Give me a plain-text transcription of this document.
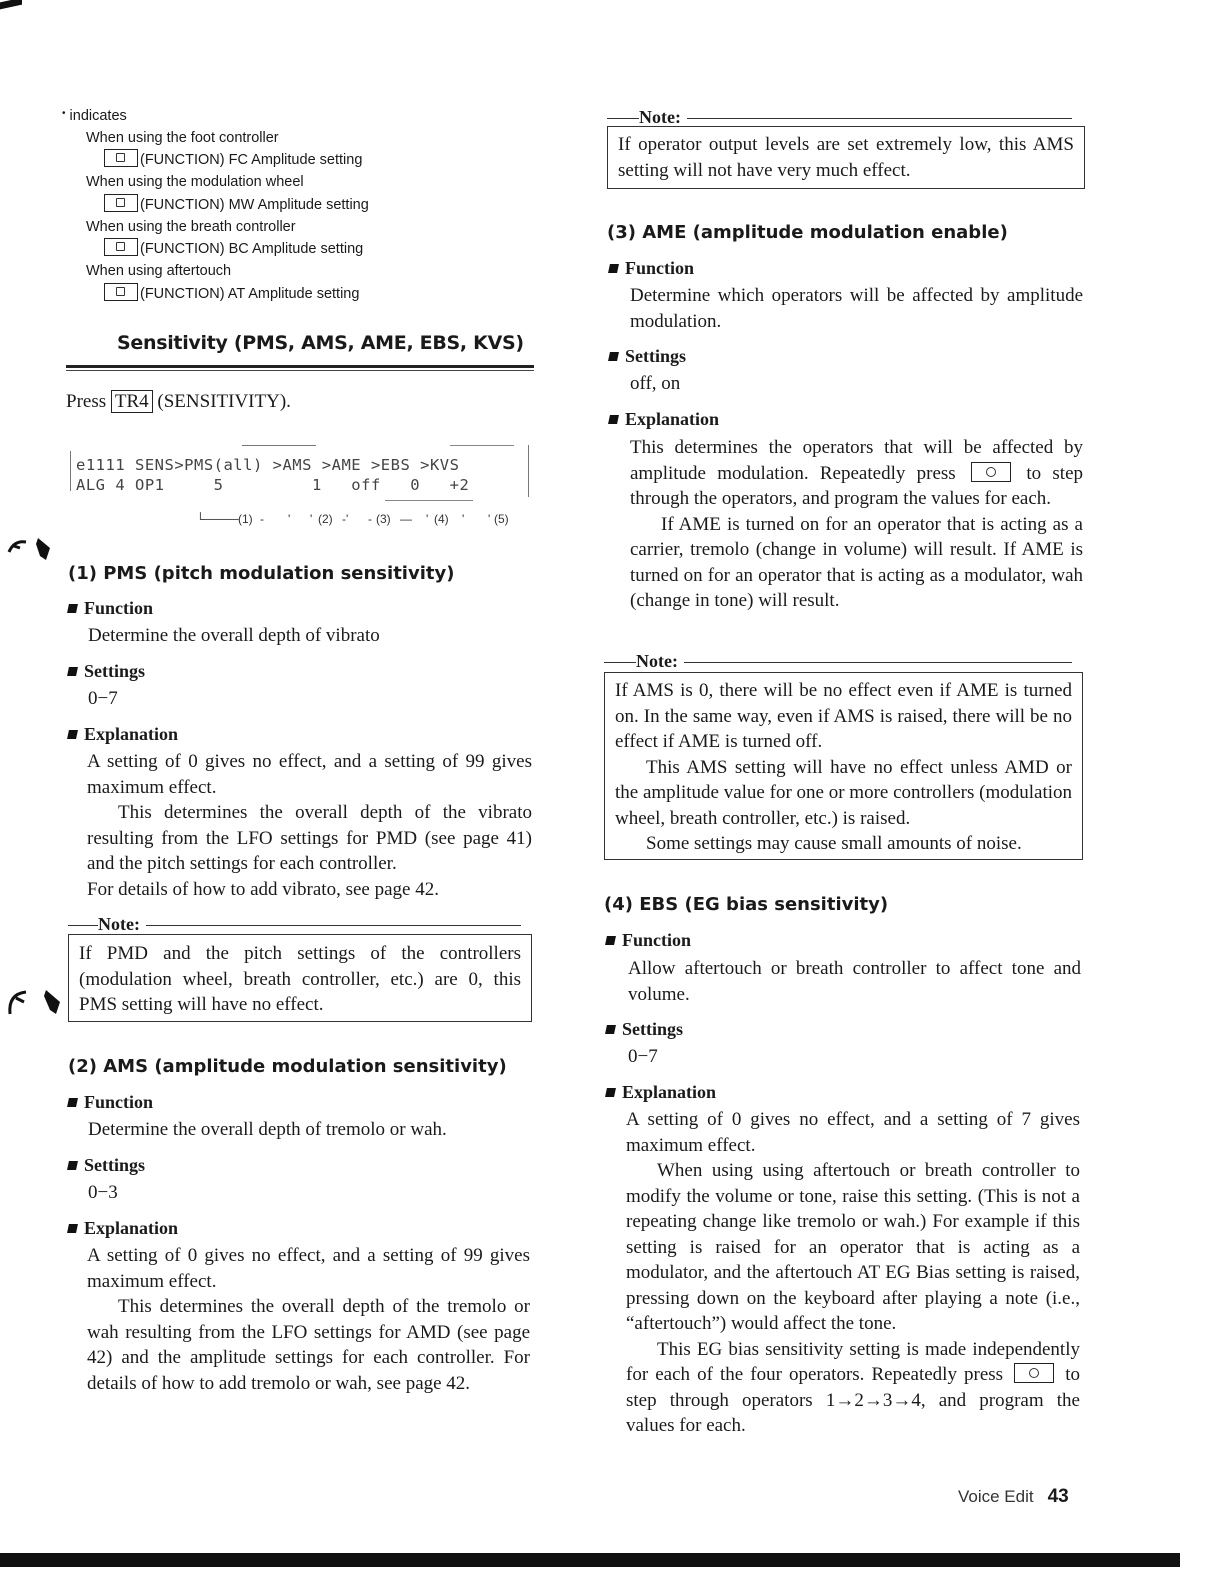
• indicates
When using the foot controller
(FUNCTION) FC Amplitude setting
When using the modulation wheel
(FUNCTION) MW Amplitude setting
When using the breath controller
(FUNCTION) BC Amplitude setting
When using aftertouch
(FUNCTION) AT Amplitude setting
Sensitivity (PMS, AMS, AME, EBS, KVS)
Press TR4 (SENSITIVITY).
e1111 SENS>PMS(all) >AMS >AME >EBS >KVS
ALG 4 OP1     5         1   off   0   +2

└──── (1) -

'

' (2) -'

- (3) —

' (4) '

' (5)

(1) PMS (pitch modulation sensitivity)
Function
Determine the overall depth of vibrato
Settings
0−7
Explanation
A setting of 0 gives no effect, and a setting of 99 gives maximum effect.
This determines the overall depth of the vibrato resulting from the LFO settings for PMD (see page 41) and the pitch settings for each controller.
For details of how to add vibrato, see page 42.
Note:
If PMD and the pitch settings of the controllers (modulation wheel, breath controller, etc.) are 0, this PMS setting will have no effect.
(2) AMS (amplitude modulation sensitivity)
Function
Determine the overall depth of tremolo or wah.
Settings
0−3
Explanation
A setting of 0 gives no effect, and a setting of 99 gives maximum effect.
This determines the overall depth of the tremolo or wah resulting from the LFO settings for AMD (see page 42) and the amplitude settings for each controller. For details of how to add tremolo or wah, see page 42.
Note:
If operator output levels are set extremely low, this AMS setting will not have very much effect.
(3) AME (amplitude modulation enable)
Function
Determine which operators will be affected by amplitude modulation.
Settings
off, on
Explanation
This determines the operators that will be affected by amplitude modulation. Repeatedly press	to step through the operators, and program the values for each.
If AME is turned on for an operator that is acting as a carrier, tremolo (change in volume) will result. If AME is turned on for an operator that is acting as a modulator, wah (change in tone) will result.
Note:
If AMS is 0, there will be no effect even if AME is turned on. In the same way, even if AMS is raised, there will be no effect if AME is turned off.
This AMS setting will have no effect unless AMD or the amplitude value for one or more controllers (modulation wheel, breath controller, etc.) is raised.
Some settings may cause small amounts of noise.
(4) EBS (EG bias sensitivity)
Function
Allow aftertouch or breath controller to affect tone and volume.
Settings
0−7
Explanation
A setting of 0 gives no effect, and a setting of 7 gives maximum effect.
When using using aftertouch or breath controller to modify the volume or tone, raise this setting. (This is not a repeating change like tremolo or wah.) For example if this setting is raised for an operator that is acting as a modulator, and the aftertouch AT EG Bias setting is raised, pressing down on the keyboard after playing a note (i.e., “aftertouch”) would affect the tone.
This EG bias sensitivity setting is made independently for each of the four operators. Repeatedly press	to step through operators 1→2→3→4, and program the values for each.
Voice Edit 43
